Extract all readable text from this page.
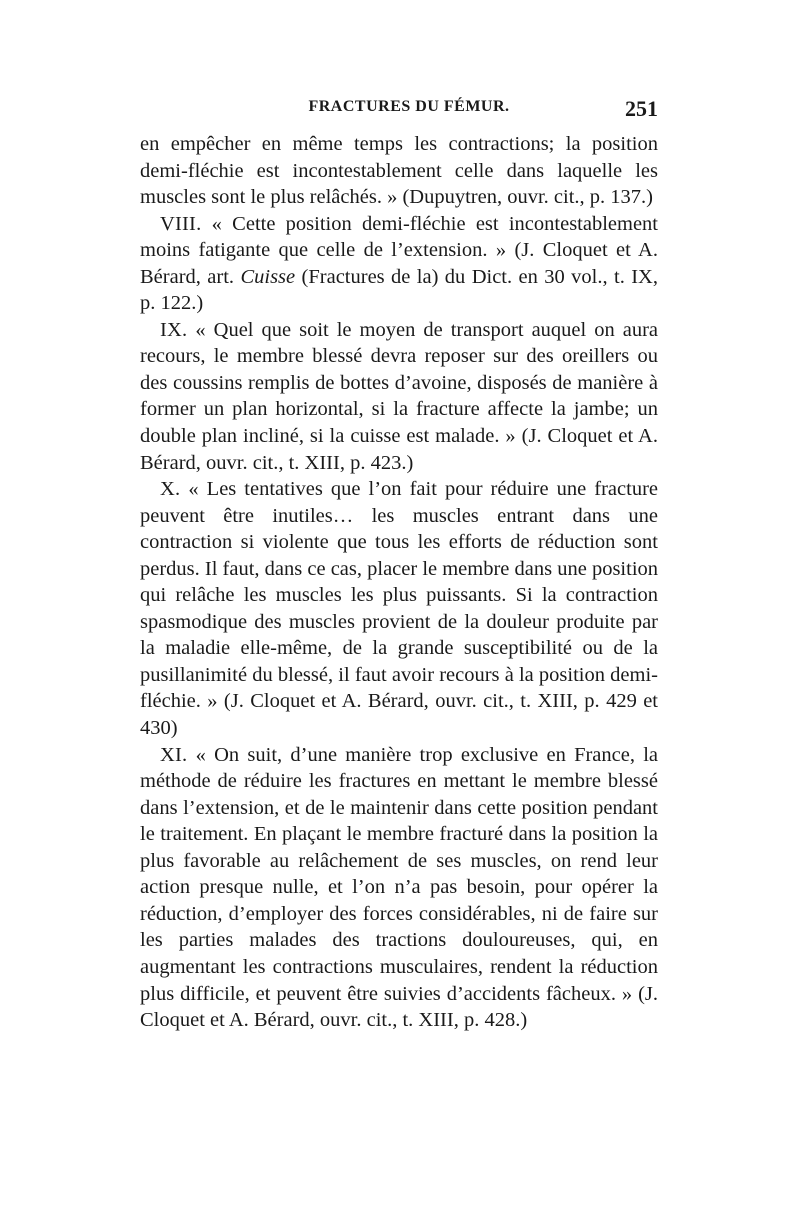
FRACTURES DU FÉMUR.	251

en empêcher en même temps les contractions; la position demi-fléchie est incontestablement celle dans laquelle les muscles sont le plus relâchés. » (Dupuytren, ouvr. cit., p. 137.)

VIII. « Cette position demi-fléchie est incontestablement moins fatigante que celle de l’extension. » (J. Cloquet et A. Bérard, art. Cuisse (Fractures de la) du Dict. en 30 vol., t. IX, p. 122.)

IX. « Quel que soit le moyen de transport auquel on aura recours, le membre blessé devra reposer sur des oreillers ou des coussins remplis de bottes d’avoine, disposés de manière à former un plan horizontal, si la fracture affecte la jambe; un double plan incliné, si la cuisse est malade. » (J. Cloquet et A. Bérard, ouvr. cit., t. XIII, p. 423.)

X. « Les tentatives que l’on fait pour réduire une fracture peuvent être inutiles… les muscles entrant dans une contraction si violente que tous les efforts de réduction sont perdus. Il faut, dans ce cas, placer le membre dans une position qui relâche les muscles les plus puissants. Si la contraction spasmodique des muscles provient de la douleur produite par la maladie elle-même, de la grande susceptibilité ou de la pusillanimité du blessé, il faut avoir recours à la position demi-fléchie. » (J. Cloquet et A. Bérard, ouvr. cit., t. XIII, p. 429 et 430)

XI. « On suit, d’une manière trop exclusive en France, la méthode de réduire les fractures en mettant le membre blessé dans l’extension, et de le maintenir dans cette position pendant le traitement. En plaçant le membre fracturé dans la position la plus favorable au relâchement de ses muscles, on rend leur action presque nulle, et l’on n’a pas besoin, pour opérer la réduction, d’employer des forces considérables, ni de faire sur les parties malades des tractions douloureuses, qui, en augmentant les contractions musculaires, rendent la réduction plus difficile, et peuvent être suivies d’accidents fâcheux. » (J. Cloquet et A. Bérard, ouvr. cit., t. XIII, p. 428.)
